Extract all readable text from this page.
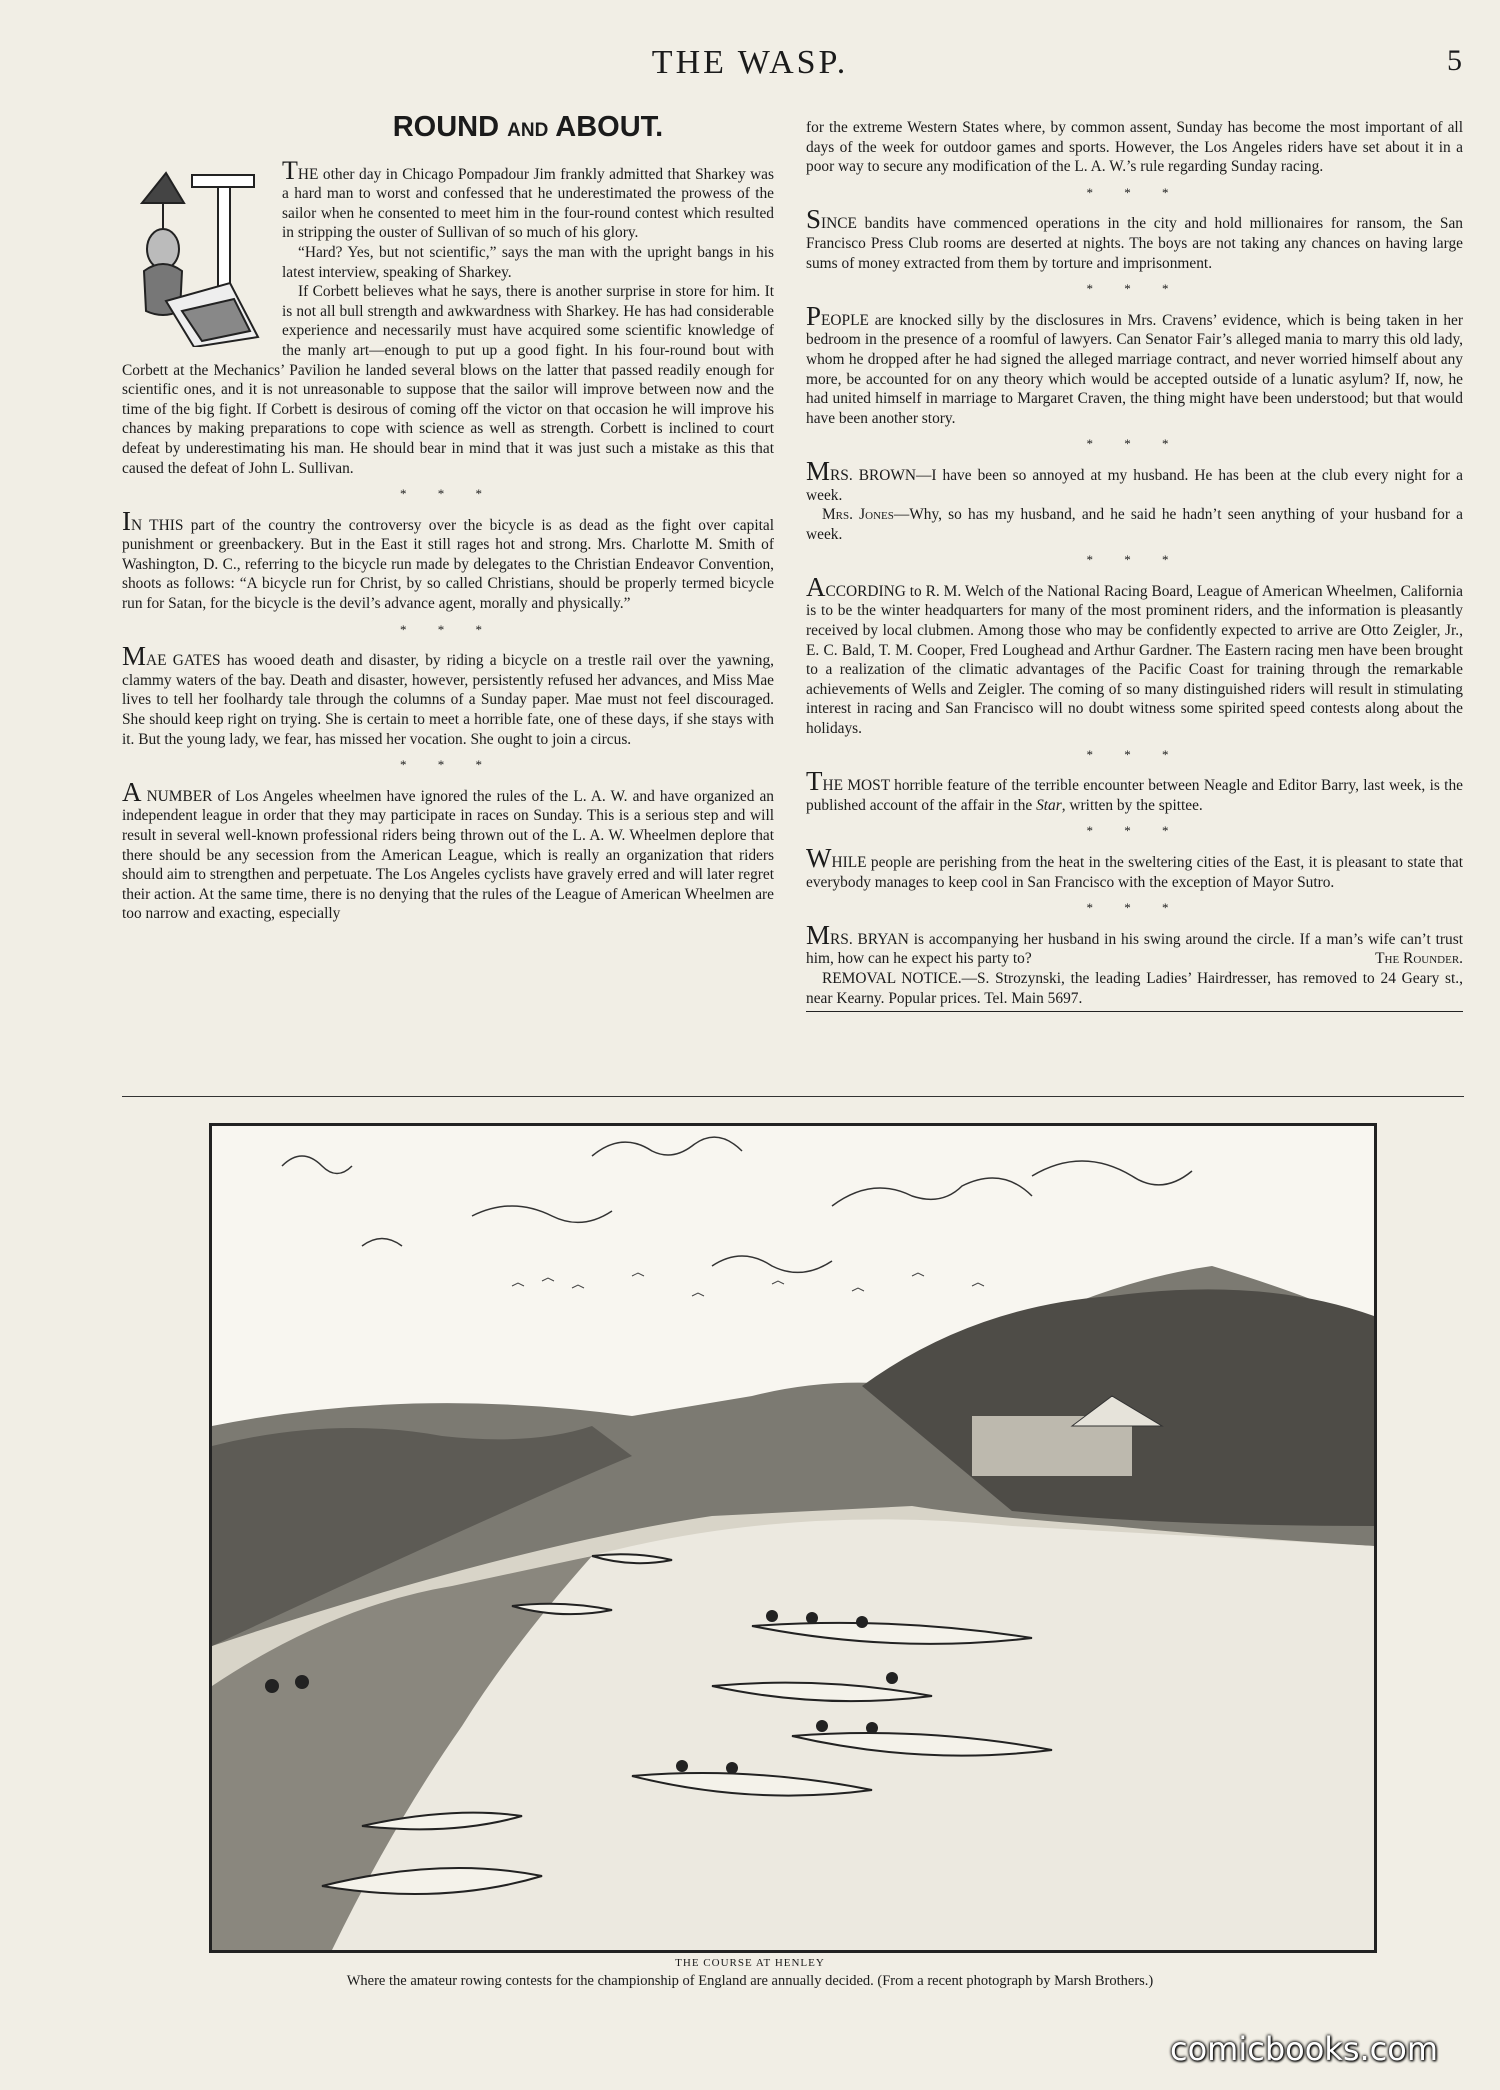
THE WASP.	5
ROUND AND ABOUT.

THE other day in Chicago Pompadour Jim frankly admitted that Sharkey was a hard man to worst and confessed that he underestimated the prowess of the sailor when he consented to meet him in the four-round contest which resulted in stripping the ouster of Sullivan of so much of his glory.

“Hard? Yes, but not scientific,” says the man with the upright bangs in his latest interview, speaking of Sharkey.

If Corbett believes what he says, there is another surprise in store for him. It is not all bull strength and awkwardness with Sharkey. He has had considerable experience and necessarily must have acquired some scientific knowledge of the manly art—enough to put up a good fight. In his four-round bout with Corbett at the Mechanics’ Pavilion he landed several blows on the latter that passed readily enough for scientific ones, and it is not unreasonable to suppose that the sailor will improve between now and the time of the big fight. If Corbett is desirous of coming off the victor on that occasion he will improve his chances by making preparations to cope with science as well as strength. Corbett is inclined to court defeat by underestimating his man. He should bear in mind that it was just such a mistake as this that caused the defeat of John L. Sullivan.

* * *

IN THIS part of the country the controversy over the bicycle is as dead as the fight over capital punishment or greenbackery. But in the East it still rages hot and strong. Mrs. Charlotte M. Smith of Washington, D. C., referring to the bicycle run made by delegates to the Christian Endeavor Convention, shoots as follows: “A bicycle run for Christ, by so called Christians, should be properly termed bicycle run for Satan, for the bicycle is the devil’s advance agent, morally and physically.”

* * *

MAE GATES has wooed death and disaster, by riding a bicycle on a trestle rail over the yawning, clammy waters of the bay. Death and disaster, however, persistently refused her advances, and Miss Mae lives to tell her foolhardy tale through the columns of a Sunday paper. Mae must not feel discouraged. She should keep right on trying. She is certain to meet a horrible fate, one of these days, if she stays with it. But the young lady, we fear, has missed her vocation. She ought to join a circus.

* * *

A NUMBER of Los Angeles wheelmen have ignored the rules of the L. A. W. and have organized an independent league in order that they may participate in races on Sunday. This is a serious step and will result in several well-known professional riders being thrown out of the L. A. W. Wheelmen deplore that there should be any secession from the American League, which is really an organization that riders should aim to strengthen and perpetuate. The Los Angeles cyclists have gravely erred and will later regret their action. At the same time, there is no denying that the rules of the League of American Wheelmen are too narrow and exacting, especially

for the extreme Western States where, by common assent, Sunday has become the most important of all days of the week for outdoor games and sports. However, the Los Angeles riders have set about it in a poor way to secure any modification of the L. A. W.’s rule regarding Sunday racing.

* * *

SINCE bandits have commenced operations in the city and hold millionaires for ransom, the San Francisco Press Club rooms are deserted at nights. The boys are not taking any chances on having large sums of money extracted from them by torture and imprisonment.

* * *

PEOPLE are knocked silly by the disclosures in Mrs. Cravens’ evidence, which is being taken in her bedroom in the presence of a roomful of lawyers. Can Senator Fair’s alleged mania to marry this old lady, whom he dropped after he had signed the alleged marriage contract, and never worried himself about any more, be accounted for on any theory which would be accepted outside of a lunatic asylum? If, now, he had united himself in marriage to Margaret Craven, the thing might have been understood; but that would have been another story.

* * *

MRS. BROWN—I have been so annoyed at my husband. He has been at the club every night for a week.

Mrs. Jones—Why, so has my husband, and he said he hadn’t seen anything of your husband for a week.

* * *

ACCORDING to R. M. Welch of the National Racing Board, League of American Wheelmen, California is to be the winter headquarters for many of the most prominent riders, and the information is pleasantly received by local clubmen. Among those who may be confidently expected to arrive are Otto Zeigler, Jr., E. C. Bald, T. M. Cooper, Fred Loughead and Arthur Gardner. The Eastern racing men have been brought to a realization of the climatic advantages of the Pacific Coast for training through the remarkable achievements of Wells and Zeigler. The coming of so many distinguished riders will result in stimulating interest in racing and San Francisco will no doubt witness some spirited speed contests along about the holidays.

* * *

THE MOST horrible feature of the terrible encounter between Neagle and Editor Barry, last week, is the published account of the affair in the Star, written by the spittee.

* * *

WHILE people are perishing from the heat in the sweltering cities of the East, it is pleasant to state that everybody manages to keep cool in San Francisco with the exception of Mayor Sutro.

* * *

MRS. BRYAN is accompanying her husband in his swing around the circle. If a man’s wife can’t trust him, how can he expect his party to?	The Rounder.

REMOVAL NOTICE.—S. Strozynski, the leading Ladies’ Hairdresser, has removed to 24 Geary st., near Kearny. Popular prices. Tel. Main 5697.

THE COURSE AT HENLEY
Where the amateur rowing contests for the championship of England are annually decided. (From a recent photograph by Marsh Brothers.)
comicbooks.com
